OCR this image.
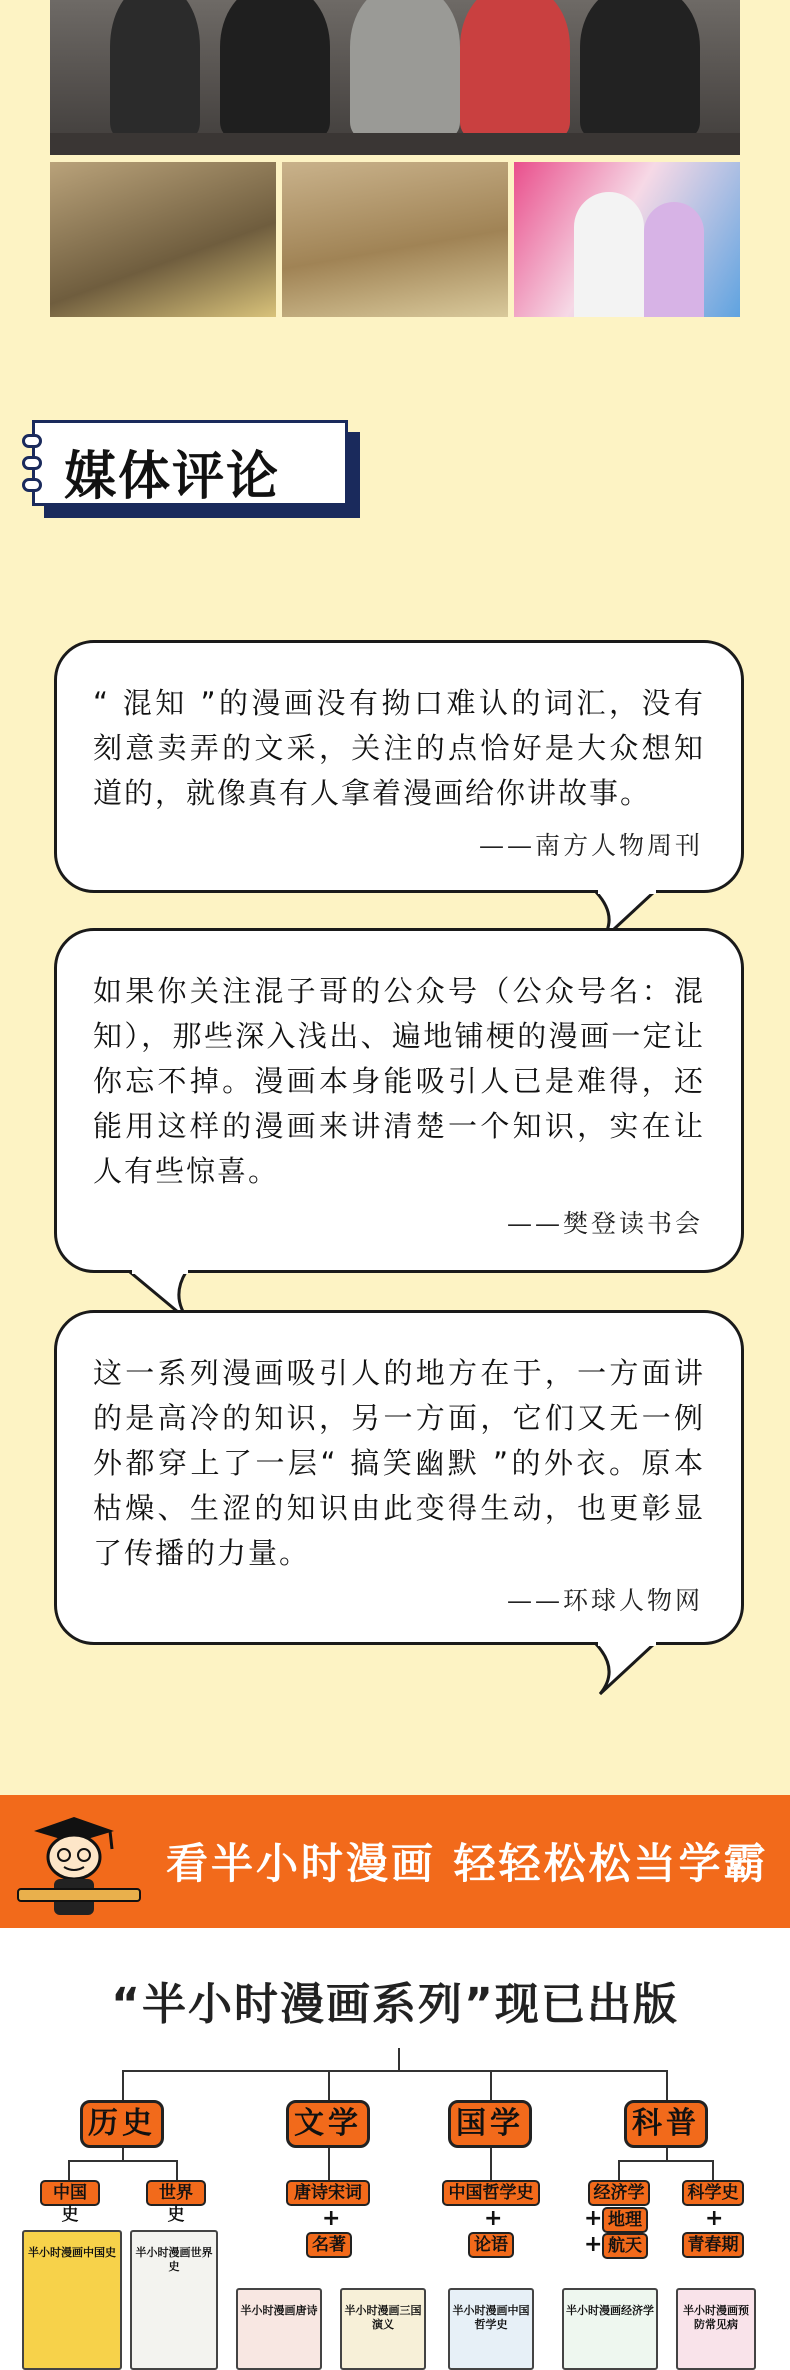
媒体评论
“ 混知 ”的漫画没有拗口难认的词汇，没有刻意卖弄的文采，关注的点恰好是大众想知道的，就像真有人拿着漫画给你讲故事。
——南方人物周刊
如果你关注混子哥的公众号（公众号名：混知），那些深入浅出、遍地铺梗的漫画一定让你忘不掉。漫画本身能吸引人已是难得，还能用这样的漫画来讲清楚一个知识，实在让人有些惊喜。
——樊登读书会
这一系列漫画吸引人的地方在于，一方面讲的是高冷的知识，另一方面，它们又无一例外都穿上了一层“ 搞笑幽默 ”的外衣。原本枯燥、生涩的知识由此变得生动，也更彰显了传播的力量。
——环球人物网
看半小时漫画 轻轻松松当学霸
“半小时漫画系列”现已出版
历史	文学	国学	科普
中国史
世界史
唐诗宋词
+
名著
中国哲学史
+
论语
经济学
+ 地理
+ 航天
科学史
+
青春期
半小时漫画中国史	半小时漫画世界史
半小时漫画唐诗 半小时漫画三国演义
半小时漫画中国哲学史
半小时漫画经济学	半小时漫画预防常见病
